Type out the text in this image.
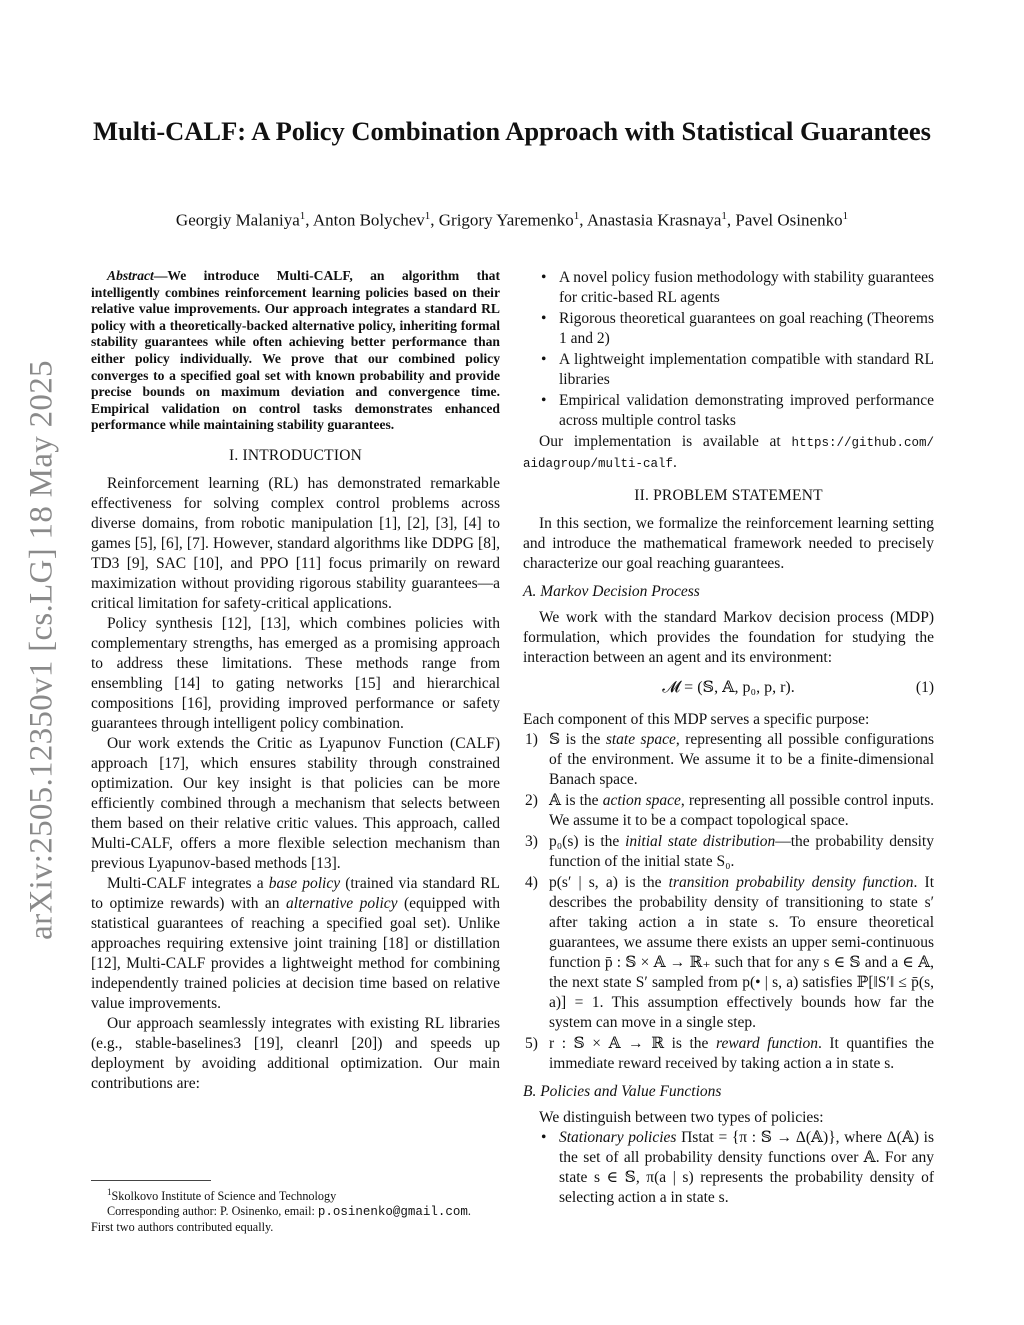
arXiv:2505.12350v1 [cs.LG] 18 May 2025
Multi-CALF: A Policy Combination Approach with Statistical Guarantees
Georgiy Malaniya$^1$, Anton Bolychev$^1$, Grigory Yaremenko$^1$, Anastasia Krasnaya$^1$, Pavel Osinenko$^1$

Abstract—We introduce Multi-CALF, an algorithm that intelligently combines reinforcement learning policies based on their relative value improvements. Our approach integrates a standard RL policy with a theoretically-backed alternative policy, inheriting formal stability guarantees while often achieving better performance than either policy individually. We prove that our combined policy converges to a specified goal set with known probability and provide precise bounds on maximum deviation and convergence time. Empirical validation on control tasks demonstrates enhanced performance while maintaining stability guarantees.

I. INTRODUCTION

Reinforcement learning (RL) has demonstrated remarkable effectiveness for solving complex control problems across diverse domains, from robotic manipulation [1], [2], [3], [4] to games [5], [6], [7]. However, standard algorithms like DDPG [8], TD3 [9], SAC [10], and PPO [11] focus primarily on reward maximization without providing rigorous stability guarantees—a critical limitation for safety-critical applications.

Policy synthesis [12], [13], which combines policies with complementary strengths, has emerged as a promising approach to address these limitations. These methods range from ensembling [14] to gating networks [15] and hierarchical compositions [16], providing improved performance or safety guarantees through intelligent policy combination.

Our work extends the Critic as Lyapunov Function (CALF) approach [17], which ensures stability through constrained optimization. Our key insight is that policies can be more efficiently combined through a mechanism that selects between them based on their relative critic values. This approach, called Multi-CALF, offers a more flexible selection mechanism than previous Lyapunov-based methods [13].

Multi-CALF integrates a base policy (trained via standard RL to optimize rewards) with an alternative policy (equipped with statistical guarantees of reaching a specified goal set). Unlike approaches requiring extensive joint training [18] or distillation [12], Multi-CALF provides a lightweight method for combining independently trained policies at decision time based on relative value improvements.

Our approach seamlessly integrates with existing RL libraries (e.g., stable-baselines3 [19], cleanrl [20]) and speeds up deployment by avoiding additional optimization. Our main contributions are:

$^1$Skolkovo Institute of Science and Technology

Corresponding author: P. Osinenko, email: p.osinenko@gmail.com.

First two authors contributed equally.

• A novel policy fusion methodology with stability guarantees for critic-based RL agents
• Rigorous theoretical guarantees on goal reaching (Theorems 1 and 2)
• A lightweight implementation compatible with standard RL libraries
• Empirical validation demonstrating improved performance across multiple control tasks

Our implementation is available at https://github.com/ aidagroup/multi-calf.

II. PROBLEM STATEMENT

In this section, we formalize the reinforcement learning setting and introduce the mathematical framework needed to precisely characterize our goal reaching guarantees.

A. Markov Decision Process

We work with the standard Markov decision process (MDP) formulation, which provides the foundation for studying the interaction between an agent and its environment:

𝓜 = (𝕊, 𝔸, p₀, p, r).	(1)

Each component of this MDP serves a specific purpose:

1) 𝕊 is the state space, representing all possible configurations of the environment. We assume it to be a finite-dimensional Banach space.
2) 𝔸 is the action space, representing all possible control inputs. We assume it to be a compact topological space.
3) p₀(s) is the initial state distribution—the probability density function of the initial state S₀.
4) p(s′ | s, a) is the transition probability density function. It describes the probability density of transitioning to state s′ after taking action a in state s. To ensure theoretical guarantees, we assume there exists an upper semi-continuous function p̄ : 𝕊 × 𝔸 → ℝ₊ such that for any s ∈ 𝕊 and a ∈ 𝔸, the next state S′ sampled from p(• | s, a) satisfies ℙ[‖S′‖ ≤ p̄(s, a)] = 1. This assumption effectively bounds how far the system can move in a single step.
5) r : 𝕊 × 𝔸 → ℝ is the reward function. It quantifies the immediate reward received by taking action a in state s.
B. Policies and Value Functions

We distinguish between two types of policies:

• Stationary policies Πstat = {π : 𝕊 → Δ(𝔸)}, where Δ(𝔸) is the set of all probability density functions over 𝔸. For any state s ∈ 𝕊, π(a | s) represents the probability density of selecting action a in state s.
